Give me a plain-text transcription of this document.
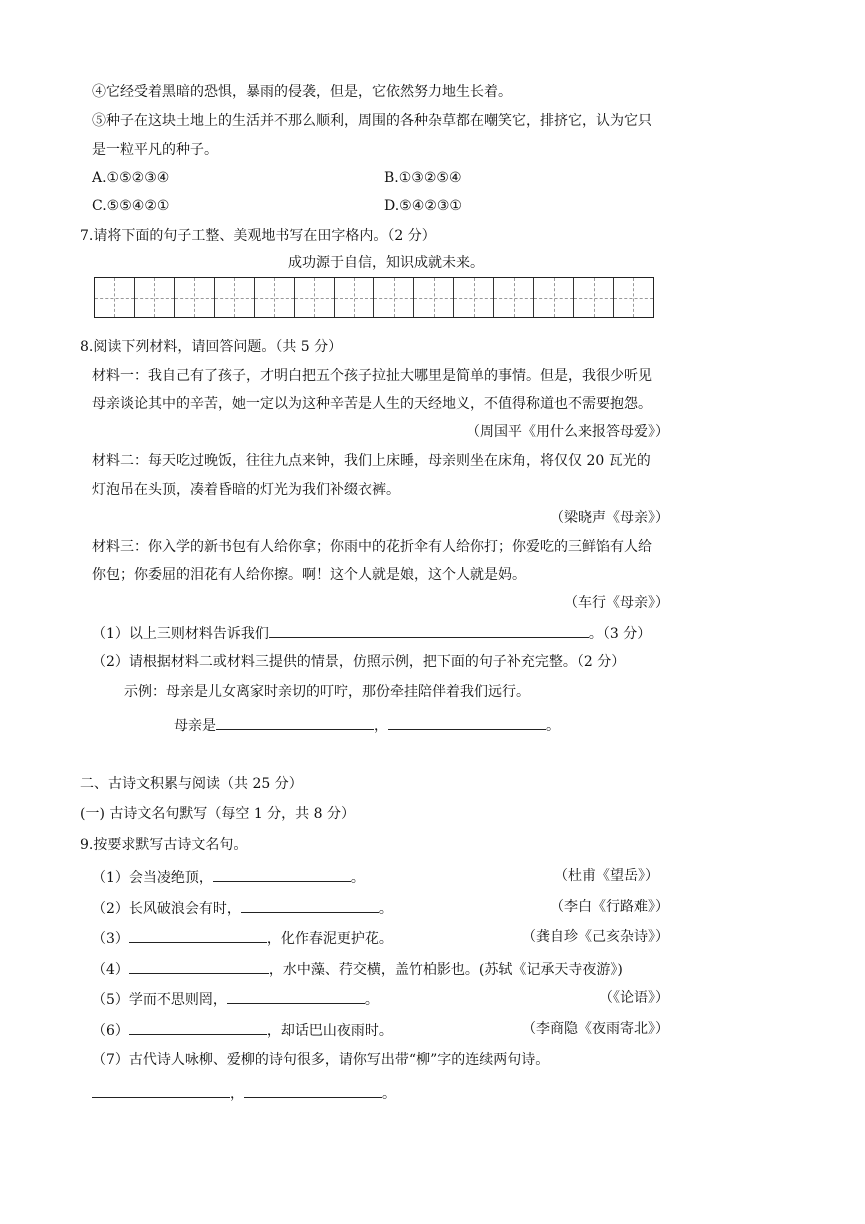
④它经受着黑暗的恐惧，暴雨的侵袭，但是，它依然努力地生长着。
⑤种子在这块土地上的生活并不那么顺利，周围的各种杂草都在嘲笑它，排挤它，认为它只
是一粒平凡的种子。
A.①⑤②③④	B.①③②⑤④
C.⑤⑤④②①	D.⑤④②③①
7.请将下面的句子工整、美观地书写在田字格内。（2 分）
成功源于自信，知识成就未来。
8.阅读下列材料，请回答问题。（共 5 分）
材料一：我自己有了孩子，才明白把五个孩子拉扯大哪里是简单的事情。但是，我很少听见
母亲谈论其中的辛苦，她一定以为这种辛苦是人生的天经地义，不值得称道也不需要抱怨。
（周国平《用什么来报答母爱》）
材料二：每天吃过晚饭，往往九点来钟，我们上床睡，母亲则坐在床角，将仅仅 20 瓦光的
灯泡吊在头顶，凑着昏暗的灯光为我们补缀衣裤。
（梁晓声《母亲》）
材料三：你入学的新书包有人给你拿；你雨中的花折伞有人给你打；你爱吃的三鲜馅有人给
你包；你委屈的泪花有人给你擦。啊！这个人就是娘，这个人就是妈。
（车行《母亲》）
（1）以上三则材料告诉我们	。（3 分）
（2）请根据材料二或材料三提供的情景，仿照示例，把下面的句子补充完整。（2 分）
示例：母亲是儿女离家时亲切的叮咛，那份牵挂陪伴着我们远行。
母亲是	，	。
二、古诗文积累与阅读（共 25 分）
(一) 古诗文名句默写（每空 1 分，共 8 分）
9.按要求默写古诗文名句。
（1）会当凌绝顶，	。	（杜甫《望岳》）
（2）长风破浪会有时，	。	（李白《行路难》）
（3）	，化作春泥更护花。	（龚自珍《己亥杂诗》）
（4）	，水中藻、荇交横，盖竹柏影也。(苏轼《记承天寺夜游》)
（5）学而不思则罔，	。	（《论语》）
（6）	，却话巴山夜雨时。	（李商隐《夜雨寄北》）
（7）古代诗人咏柳、爱柳的诗句很多，请你写出带“柳”字的连续两句诗。
，	。
